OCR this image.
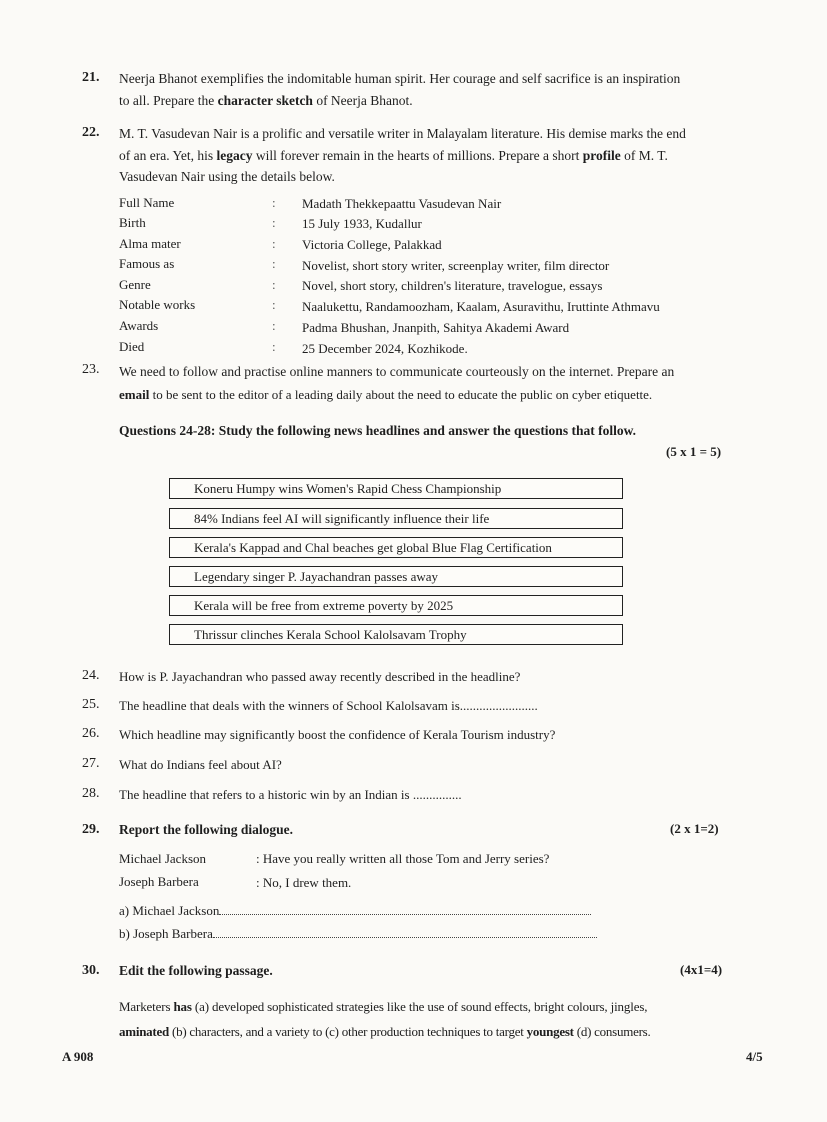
21. Neerja Bhanot exemplifies the indomitable human spirit. Her courage and self sacrifice is an inspiration
to all. Prepare the character sketch of Neerja Bhanot.
22. M. T. Vasudevan Nair is a prolific and versatile writer in Malayalam literature. His demise marks the end
of an era. Yet, his legacy will forever remain in the hearts of millions. Prepare a short profile of M. T.
Vasudevan Nair using the details below.
Full Name	: Madath Thekkepaattu Vasudevan Nair
Birth	: 15 July 1933, Kudallur
Alma mater	: Victoria College, Palakkad
Famous as	: Novelist, short story writer, screenplay writer, film director
Genre	: Novel, short story, children's literature, travelogue, essays
Notable works	: Naalukettu, Randamoozham, Kaalam, Asuravithu, Iruttinte Athmavu
Awards	: Padma Bhushan, Jnanpith, Sahitya Akademi Award
Died	: 25 December 2024, Kozhikode.
23. We need to follow and practise online manners to communicate courteously on the internet. Prepare an
email to be sent to the editor of a leading daily about the need to educate the public on cyber etiquette.
Questions 24-28: Study the following news headlines and answer the questions that follow.
(5 x 1 = 5)
Koneru Humpy wins Women's Rapid Chess Championship
84% Indians feel AI will significantly influence their life
Kerala's Kappad and Chal beaches get global Blue Flag Certification
Legendary singer P. Jayachandran passes away
Kerala will be free from extreme poverty by 2025
Thrissur clinches Kerala School Kalolsavam Trophy
24. How is P. Jayachandran who passed away recently described in the headline?
25. The headline that deals with the winners of School Kalolsavam is........................
26. Which headline may significantly boost the confidence of Kerala Tourism industry?
27. What do Indians feel about AI?
28. The headline that refers to a historic win by an Indian is ...............
29. Report the following dialogue.	(2 x 1=2)
Michael Jackson	: Have you really written all those Tom and Jerry series?
Joseph Barbera	: No, I drew them.
a) Michael Jackson
b) Joseph Barbera
30. Edit the following passage.	(4x1=4)
Marketers has (a) developed sophisticated strategies like the use of sound effects, bright colours, jingles,
aminated (b) characters, and a variety to (c) other production techniques to target youngest (d) consumers.
A 908	4/5
